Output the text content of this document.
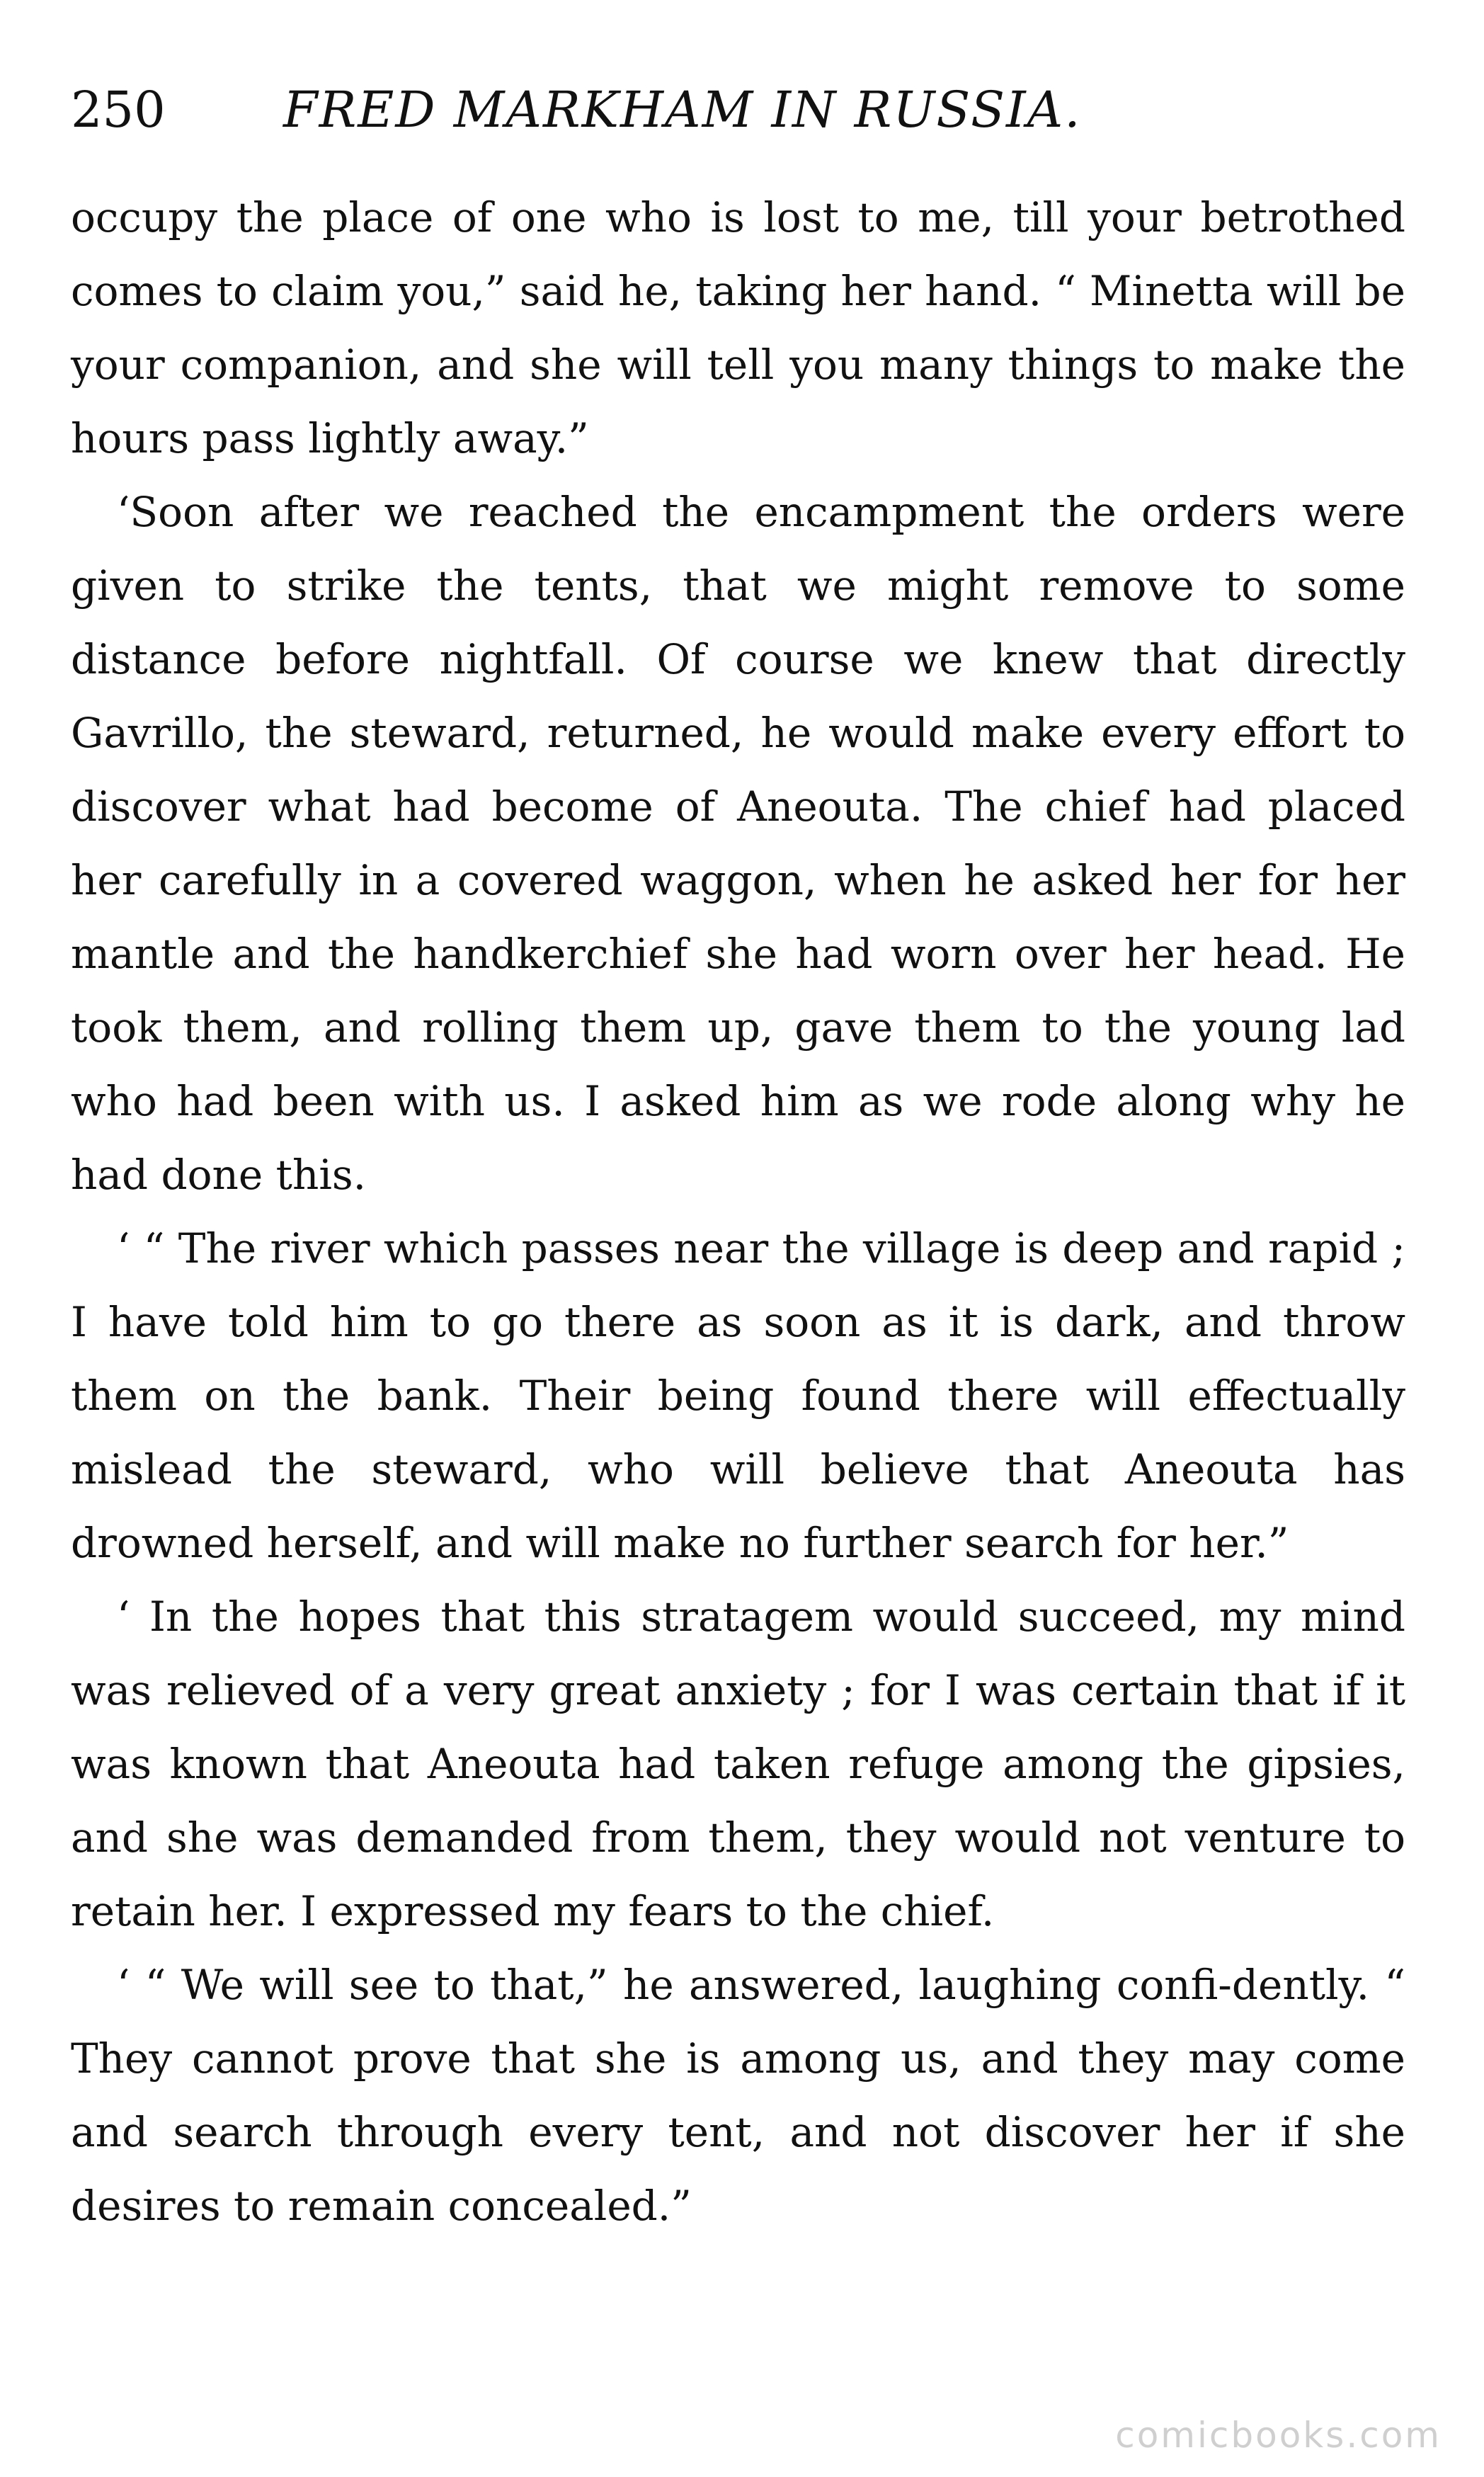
250 FRED MARKHAM IN RUSSIA.

occupy the place of one who is lost to me, till your betrothed comes to claim you,” said he, taking her hand. “ Minetta will be your companion, and she will tell you many things to make the hours pass lightly away.”

‘Soon after we reached the encampment the orders were given to strike the tents, that we might remove to some distance before nightfall. Of course we knew that directly Gavrillo, the steward, returned, he would make every effort to discover what had become of Aneouta. The chief had placed her carefully in a covered waggon, when he asked her for her mantle and the handkerchief she had worn over her head. He took them, and rolling them up, gave them to the young lad who had been with us. I asked him as we rode along why he had done this.

‘ “ The river which passes near the village is deep and rapid ; I have told him to go there as soon as it is dark, and throw them on the bank. Their being found there will effectually mislead the steward, who will believe that Aneouta has drowned herself, and will make no further search for her.”

‘ In the hopes that this stratagem would succeed, my mind was relieved of a very great anxiety ; for I was certain that if it was known that Aneouta had taken refuge among the gipsies, and she was demanded from them, they would not venture to retain her. I expressed my fears to the chief.

‘ “ We will see to that,” he answered, laughing confi-dently. “ They cannot prove that she is among us, and they may come and search through every tent, and not discover her if she desires to remain concealed.”

comicbooks.com
